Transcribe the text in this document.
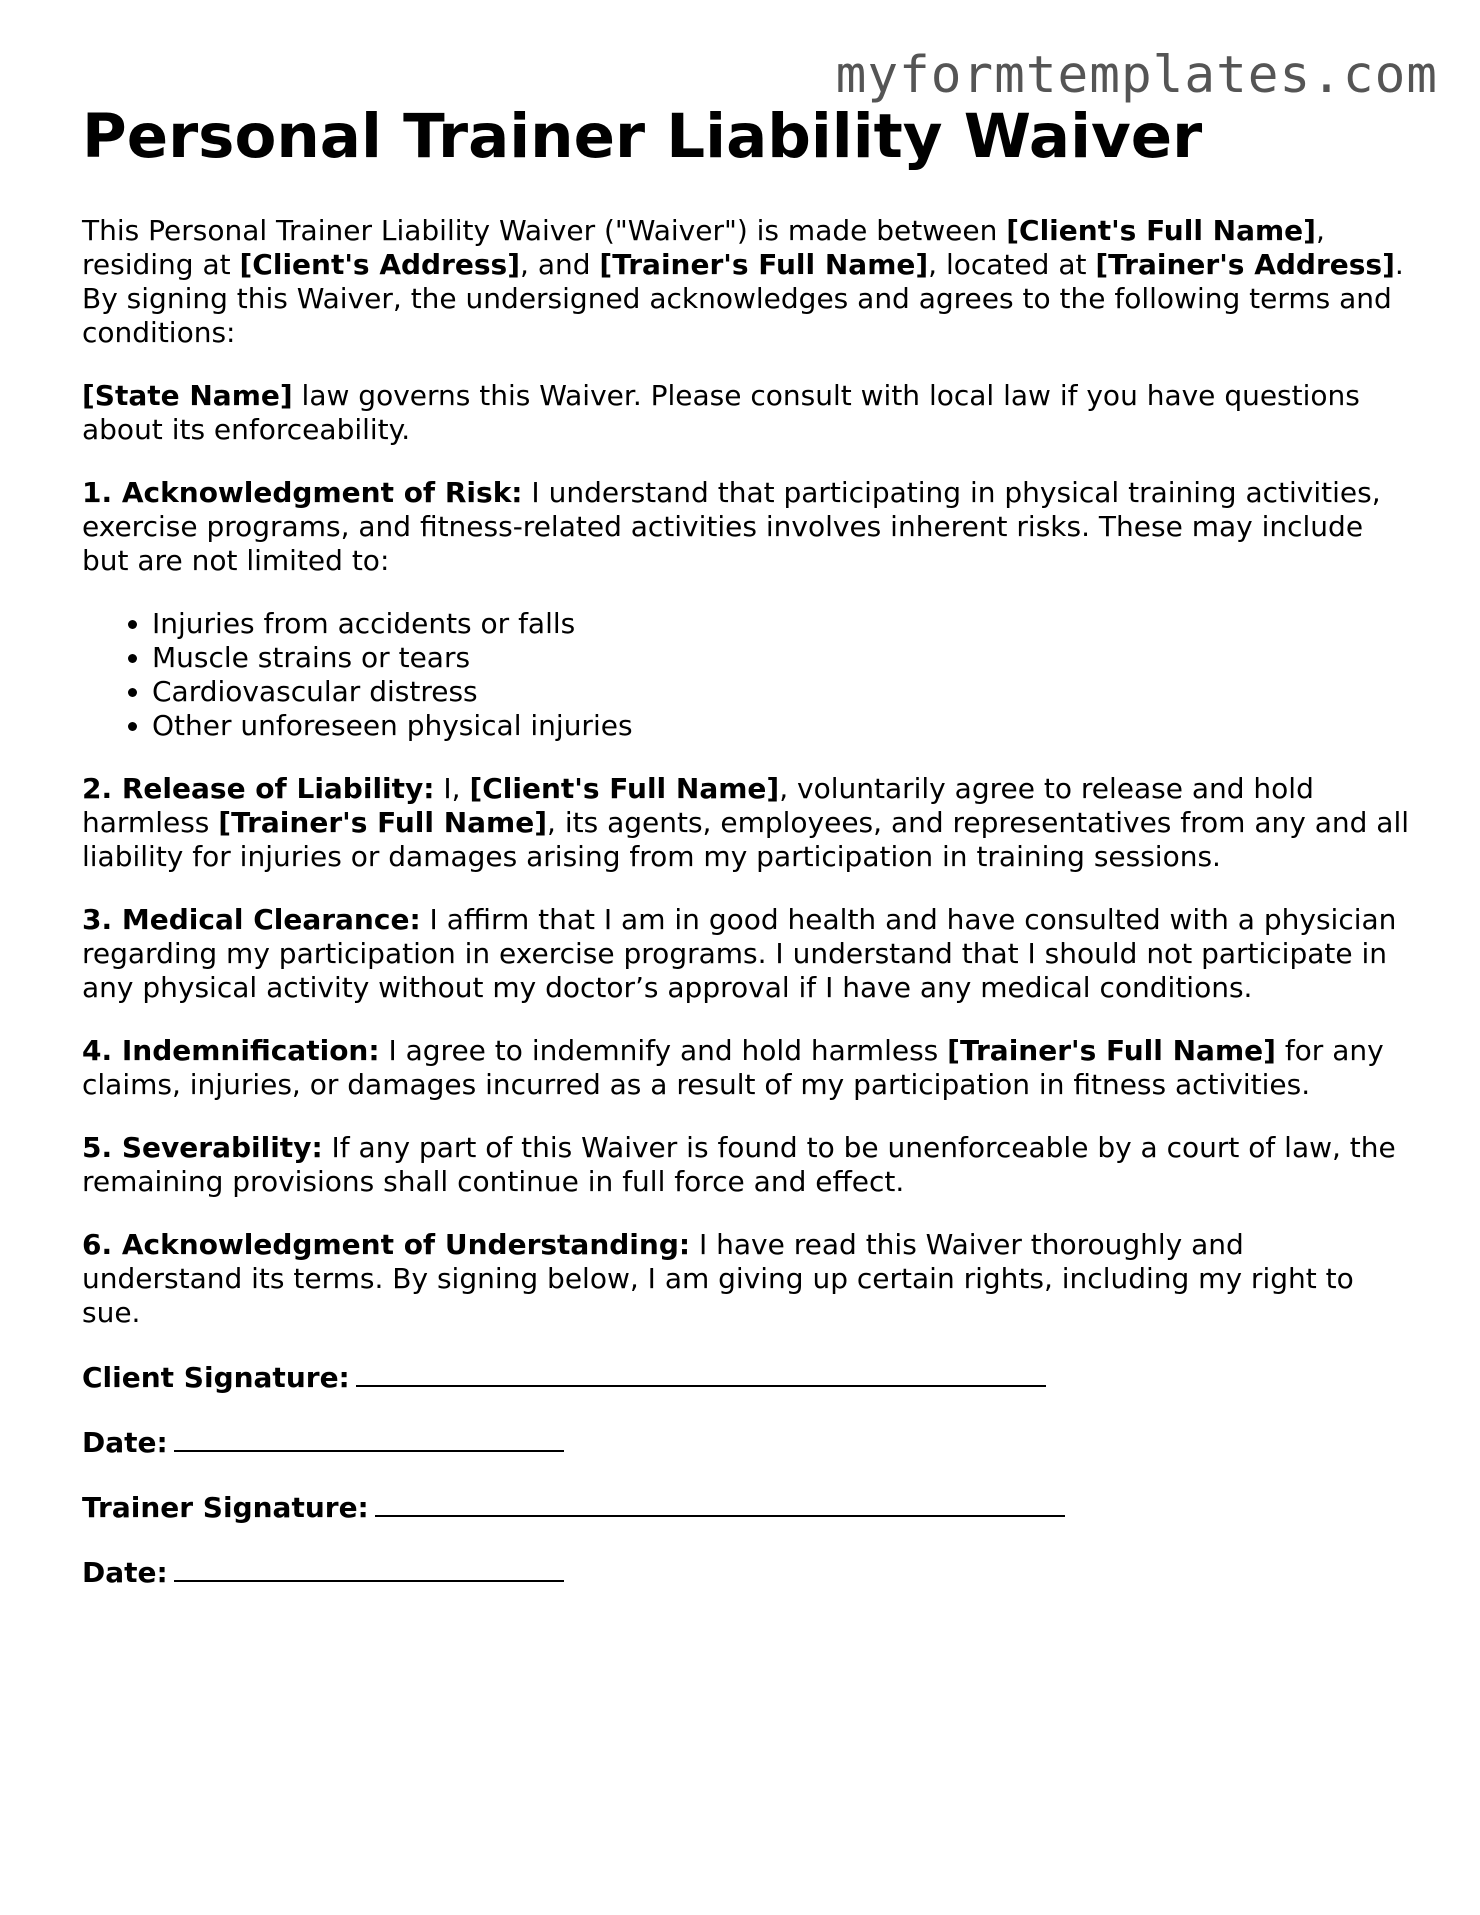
myformtemplates.com
Personal Trainer Liability Waiver

This Personal Trainer Liability Waiver ("Waiver") is made between [Client's Full Name], residing at [Client's Address], and [Trainer's Full Name], located at [Trainer's Address]. By signing this Waiver, the undersigned acknowledges and agrees to the following terms and conditions:

[State Name] law governs this Waiver. Please consult with local law if you have questions about its enforceability.

1. Acknowledgment of Risk: I understand that participating in physical training activities, exercise programs, and fitness-related activities involves inherent risks. These may include but are not limited to:

• Injuries from accidents or falls
• Muscle strains or tears
• Cardiovascular distress
• Other unforeseen physical injuries

2. Release of Liability: I, [Client's Full Name], voluntarily agree to release and hold harmless [Trainer's Full Name], its agents, employees, and representatives from any and all liability for injuries or damages arising from my participation in training sessions.

3. Medical Clearance: I affirm that I am in good health and have consulted with a physician regarding my participation in exercise programs. I understand that I should not participate in any physical activity without my doctor’s approval if I have any medical conditions.

4. Indemnification: I agree to indemnify and hold harmless [Trainer's Full Name] for any claims, injuries, or damages incurred as a result of my participation in fitness activities.

5. Severability: If any part of this Waiver is found to be unenforceable by a court of law, the remaining provisions shall continue in full force and effect.

6. Acknowledgment of Understanding: I have read this Waiver thoroughly and understand its terms. By signing below, I am giving up certain rights, including my right to sue.

Client Signature:
Date:
Trainer Signature:
Date:
